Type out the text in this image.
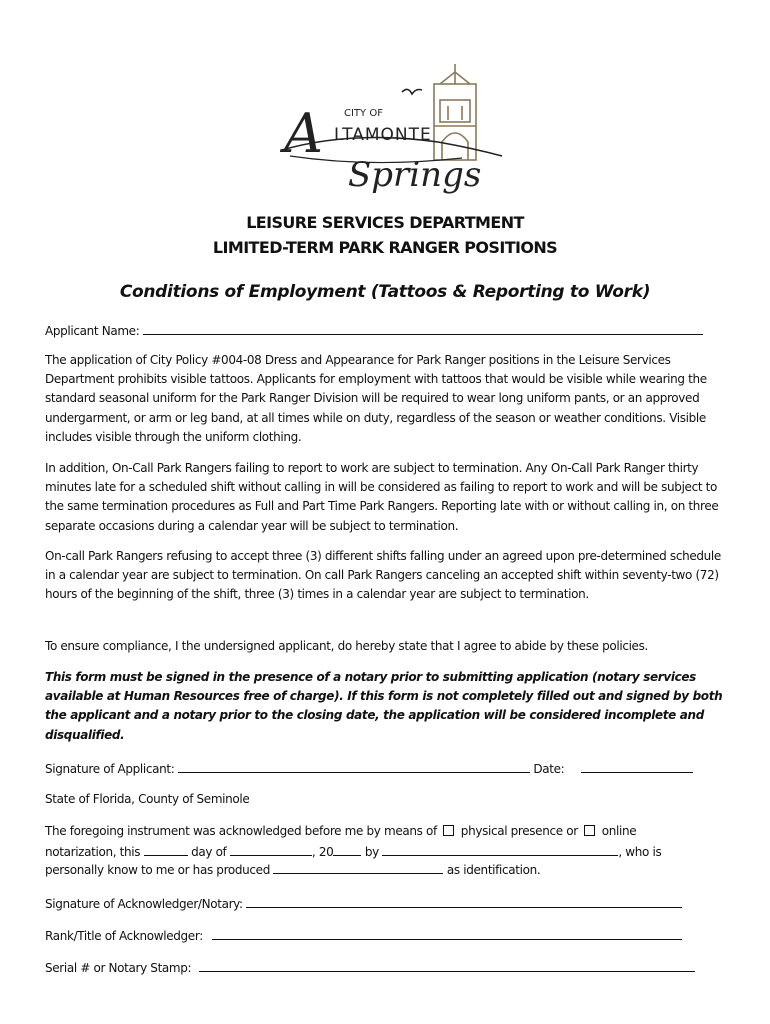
CITY OF
A LTAMONTE
Springs
LEISURE SERVICES DEPARTMENT
LIMITED-TERM PARK RANGER POSITIONS
Conditions of Employment (Tattoos & Reporting to Work)
Applicant Name:
The application of City Policy #004-08 Dress and Appearance for Park Ranger positions in the Leisure Services Department prohibits visible tattoos. Applicants for employment with tattoos that would be visible while wearing the standard seasonal uniform for the Park Ranger Division will be required to wear long uniform pants, or an approved undergarment, or arm or leg band, at all times while on duty, regardless of the season or weather conditions. Visible includes visible through the uniform clothing.
In addition, On-Call Park Rangers failing to report to work are subject to termination. Any On-Call Park Ranger thirty minutes late for a scheduled shift without calling in will be considered as failing to report to work and will be subject to the same termination procedures as Full and Part Time Park Rangers. Reporting late with or without calling in, on three separate occasions during a calendar year will be subject to termination.
On-call Park Rangers refusing to accept three (3) different shifts falling under an agreed upon pre-determined schedule in a calendar year are subject to termination. On call Park Rangers canceling an accepted shift within seventy-two (72) hours of the beginning of the shift, three (3) times in a calendar year are subject to termination.
To ensure compliance, I the undersigned applicant, do hereby state that I agree to abide by these policies.
This form must be signed in the presence of a notary prior to submitting application (notary services available at Human Resources free of charge). If this form is not completely filled out and signed by both the applicant and a notary prior to the closing date, the application will be considered incomplete and disqualified.
Signature of Applicant:	Date:
State of Florida, County of Seminole
The foregoing instrument was acknowledged before me by means of physical presence or online
notarization, this	day of	, 20	by	, who is
personally know to me or has produced	as identification.
Signature of Acknowledger/Notary:
Rank/Title of Acknowledger:
Serial # or Notary Stamp:
